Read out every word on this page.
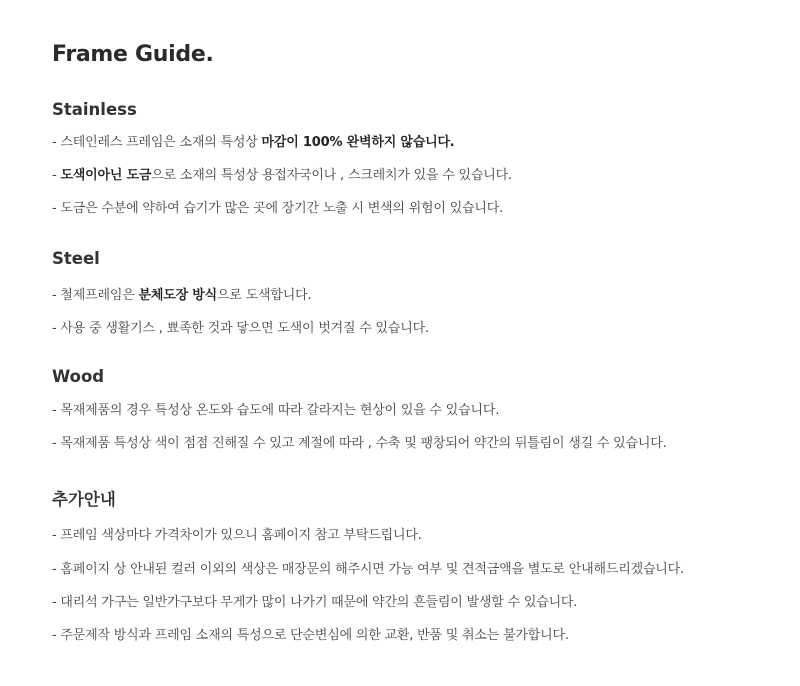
Frame Guide.
Stainless
- 스테인레스 프레임은 소재의 특성상 마감이 100% 완벽하지 않습니다.
- 도색이아닌 도금으로 소재의 특성상 용접자국이나 , 스크레치가 있을 수 있습니다.
- 도금은 수분에 약하여 습기가 많은 곳에 장기간 노출 시 변색의 위험이 있습니다.
Steel
- 철제프레임은 분체도장 방식으로 도색합니다.
- 사용 중 생활기스 , 뾰족한 것과 닿으면 도색이 벗겨질 수 있습니다.
Wood
- 목재제품의 경우 특성상 온도와 습도에 따라 갈라지는 현상이 있을 수 있습니다.
- 목재제품 특성상 색이 점점 진해질 수 있고 계절에 따라 , 수축 및 팽창되어 약간의 뒤틀림이 생길 수 있습니다.
추가안내
- 프레임 색상마다 가격차이가 있으니 홈페이지 참고 부탁드립니다.
- 홈페이지 상 안내된 컬러 이외의 색상은 매장문의 해주시면 가능 여부 및 견적금액을 별도로 안내해드리겠습니다.
- 대리석 가구는 일반가구보다 무게가 많이 나가기 때문에 약간의 흔들림이 발생할 수 있습니다.
- 주문제작 방식과 프레임 소재의 특성으로 단순변심에 의한 교환, 반품 및 취소는 불가합니다.
